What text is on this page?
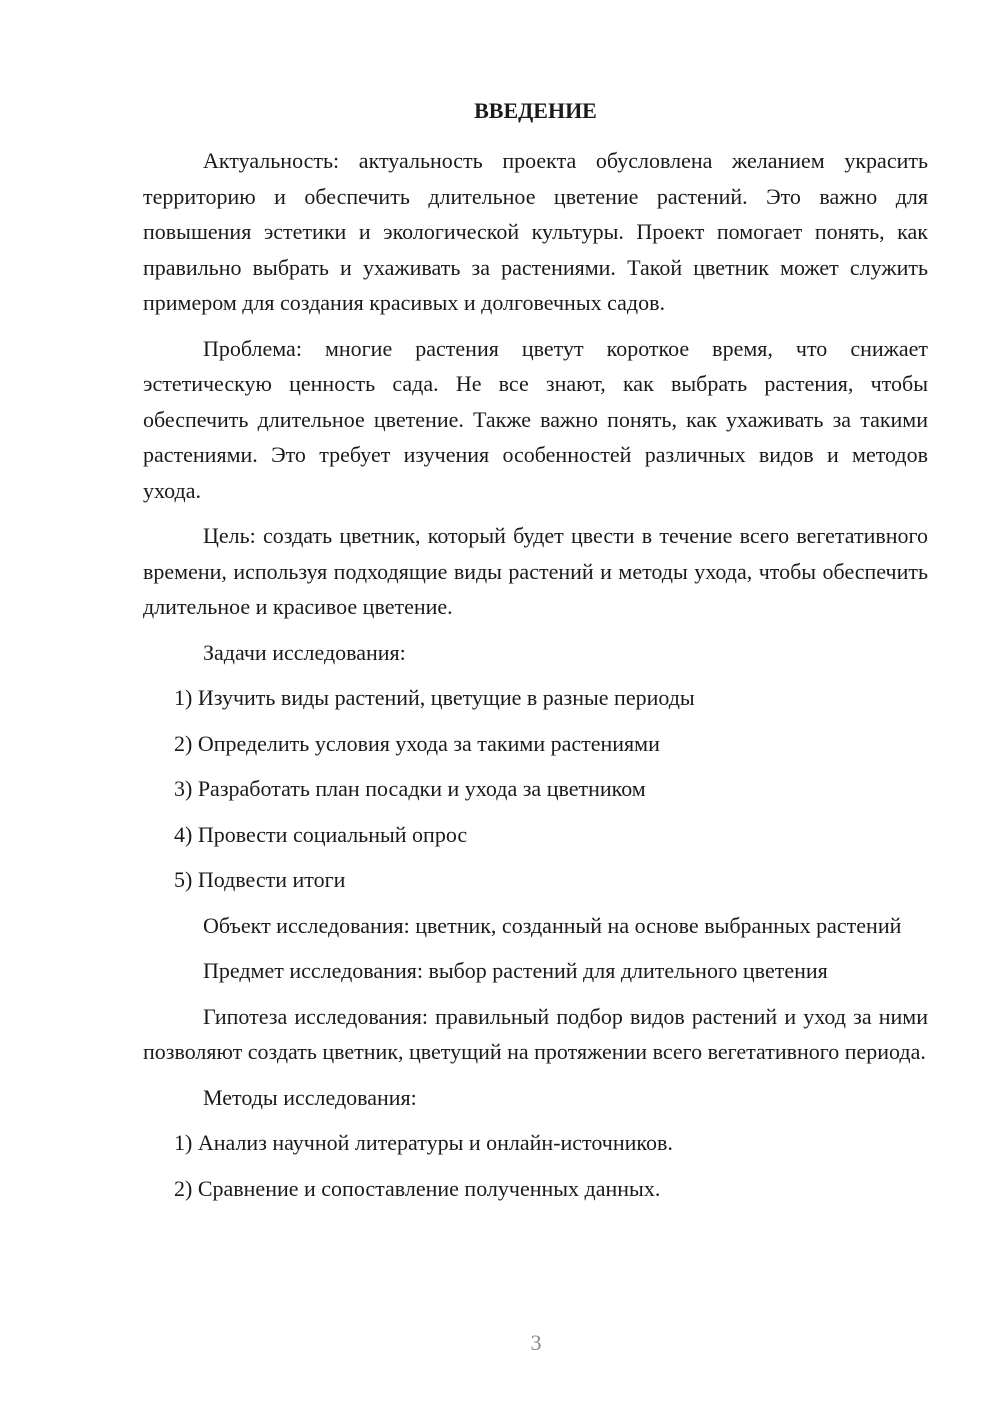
ВВЕДЕНИЕ

Актуальность: актуальность проекта обусловлена желанием украсить территорию и обеспечить длительное цветение растений. Это важно для повышения эстетики и экологической культуры. Проект помогает понять, как правильно выбрать и ухаживать за растениями. Такой цветник может служить примером для создания красивых и долговечных садов.

Проблема: многие растения цветут короткое время, что снижает эстетическую ценность сада. Не все знают, как выбрать растения, чтобы обеспечить длительное цветение. Также важно понять, как ухаживать за такими растениями. Это требует изучения особенностей различных видов и методов ухода.

Цель: создать цветник, который будет цвести в течение всего вегетативного времени, используя подходящие виды растений и методы ухода, чтобы обеспечить длительное и красивое цветение.

Задачи исследования:

1) Изучить виды растений, цветущие в разные периоды

2) Определить условия ухода за такими растениями

3) Разработать план посадки и ухода за цветником

4) Провести социальный опрос

5) Подвести итоги

Объект исследования: цветник, созданный на основе выбранных растений

Предмет исследования: выбор растений для длительного цветения

Гипотеза исследования: правильный подбор видов растений и уход за ними позволяют создать цветник, цветущий на протяжении всего вегетативного периода.

Методы исследования:

1) Анализ научной литературы и онлайн-источников.

2) Сравнение и сопоставление полученных данных.

3
